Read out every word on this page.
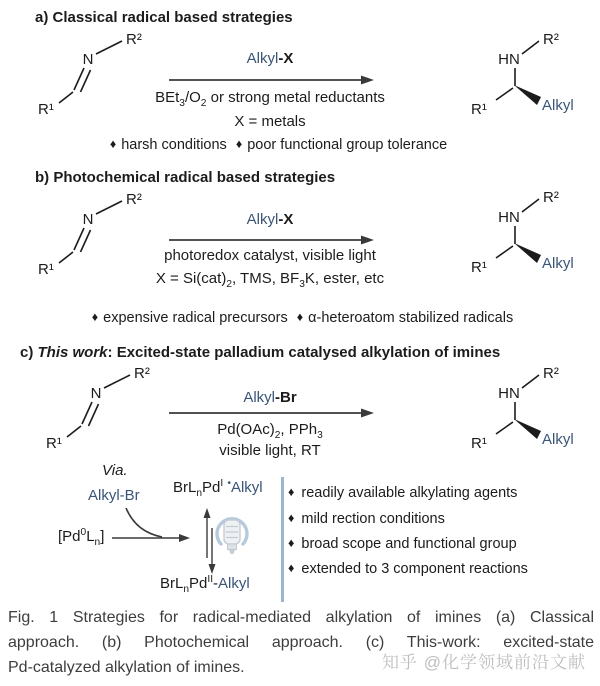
a) Classical radical based strategies
N
R²
R¹
Alkyl-X
$BEt_3/O_2$ or strong metal reductants
X = metals
HN
R²
R¹	Alkyl
♦ harsh conditions ♦ poor functional group tolerance
b) Photochemical radical based strategies
N
R²
R¹
Alkyl-X
photoredox catalyst, visible light
$X = Si(cat)_2$, TMS, $BF_3K$, ester, etc
HN
R²
R¹	Alkyl
♦ expensive radical precursors ♦ α-heteroatom stabilized radicals
c) This work: Excited-state palladium catalysed alkylation of imines
N
R²
R¹
Alkyl-Br
$Pd(OAc)_2$, PPh$_3$
visible light, RT
HN
R²
R¹	Alkyl
Via.
Alkyl-Br $BrL_nPd^I$ •Alkyl
$[Pd^0L_n]$
$BrL_nPd^{II}$-Alkyl
♦ readily available alkylating agents
♦ mild rection conditions
♦ broad scope and functional group
♦ extended to 3 component reactions
Fig. 1 Strategies for radical-mediated alkylation of imines (a) Classical
approach. (b) Photochemical approach. (c) This-work: excited-state
Pd-catalyzed alkylation of imines.	知乎 @化学领域前沿文献
